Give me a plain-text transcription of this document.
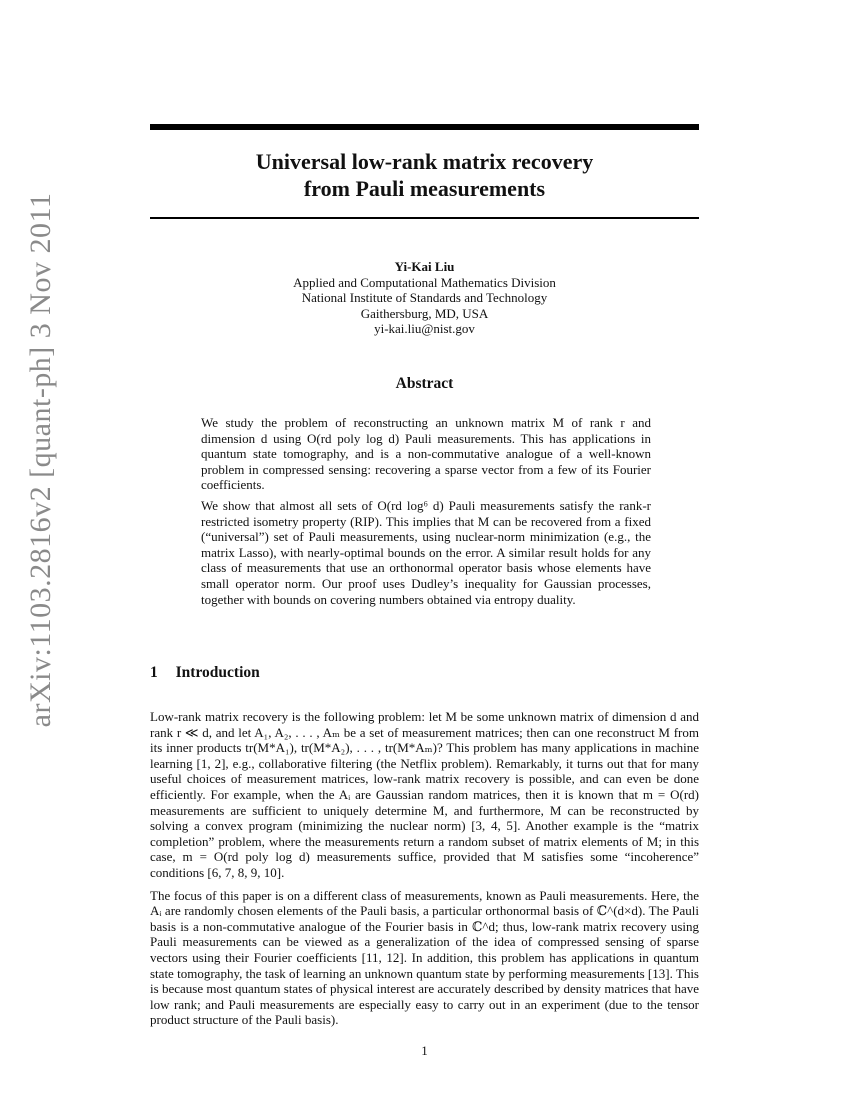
arXiv:1103.2816v2 [quant-ph] 3 Nov 2011
Universal low-rank matrix recovery
from Pauli measurements
Yi-Kai Liu
Applied and Computational Mathematics Division
National Institute of Standards and Technology
Gaithersburg, MD, USA
yi-kai.liu@nist.gov
Abstract

We study the problem of reconstructing an unknown matrix M of rank r and dimension d using O(rd poly log d) Pauli measurements. This has applications in quantum state tomography, and is a non-commutative analogue of a well-known problem in compressed sensing: recovering a sparse vector from a few of its Fourier coefficients.

We show that almost all sets of O(rd log⁶ d) Pauli measurements satisfy the rank-r restricted isometry property (RIP). This implies that M can be recovered from a fixed (“universal”) set of Pauli measurements, using nuclear-norm minimization (e.g., the matrix Lasso), with nearly-optimal bounds on the error. A similar result holds for any class of measurements that use an orthonormal operator basis whose elements have small operator norm. Our proof uses Dudley’s inequality for Gaussian processes, together with bounds on covering numbers obtained via entropy duality.

1 Introduction

Low-rank matrix recovery is the following problem: let M be some unknown matrix of dimension d and rank r ≪ d, and let A₁, A₂, . . . , Aₘ be a set of measurement matrices; then can one reconstruct M from its inner products tr(M*A₁), tr(M*A₂), . . . , tr(M*Aₘ)? This problem has many applications in machine learning [1, 2], e.g., collaborative filtering (the Netflix problem). Remarkably, it turns out that for many useful choices of measurement matrices, low-rank matrix recovery is possible, and can even be done efficiently. For example, when the Aᵢ are Gaussian random matrices, then it is known that m = O(rd) measurements are sufficient to uniquely determine M, and furthermore, M can be reconstructed by solving a convex program (minimizing the nuclear norm) [3, 4, 5]. Another example is the “matrix completion” problem, where the measurements return a random subset of matrix elements of M; in this case, m = O(rd poly log d) measurements suffice, provided that M satisfies some “incoherence” conditions [6, 7, 8, 9, 10].

The focus of this paper is on a different class of measurements, known as Pauli measurements. Here, the Aᵢ are randomly chosen elements of the Pauli basis, a particular orthonormal basis of ℂ^(d×d). The Pauli basis is a non-commutative analogue of the Fourier basis in ℂ^d; thus, low-rank matrix recovery using Pauli measurements can be viewed as a generalization of the idea of compressed sensing of sparse vectors using their Fourier coefficients [11, 12]. In addition, this problem has applications in quantum state tomography, the task of learning an unknown quantum state by performing measurements [13]. This is because most quantum states of physical interest are accurately described by density matrices that have low rank; and Pauli measurements are especially easy to carry out in an experiment (due to the tensor product structure of the Pauli basis).

1
